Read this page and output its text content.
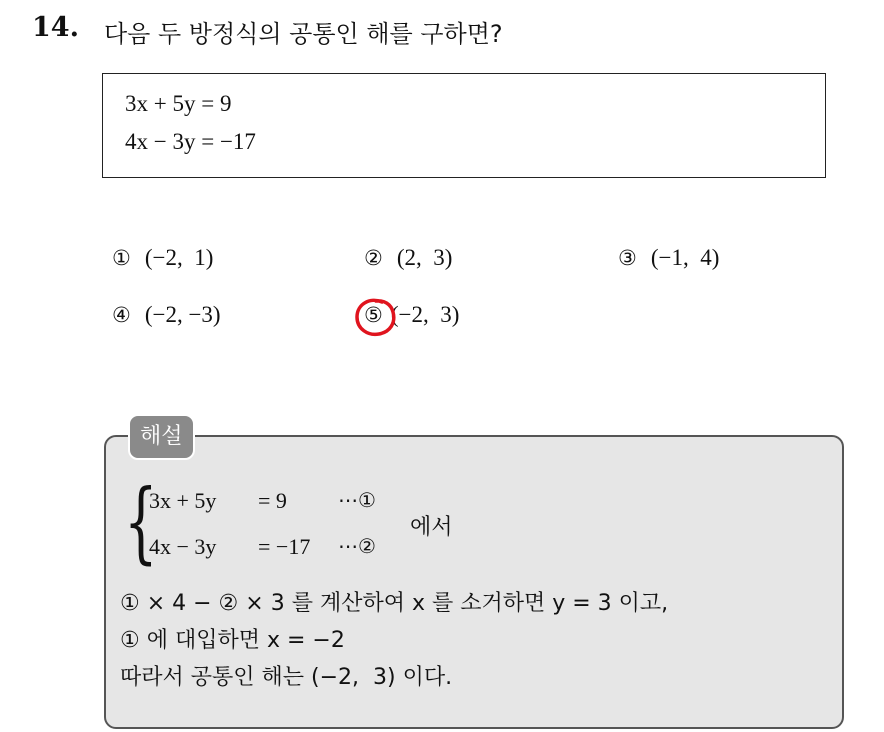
14. 다음 두 방정식의 공통인 해를 구하면?
3x + 5y = 9
4x − 3y = −17
① (−2,  1)	② (2,  3)	③ (−1,  4)
④ (−2, −3)	⑤ (−2,  3)
해설
{
3x + 5y = 9	⋯①
4x − 3y = −17 ⋯②
에서
① × 4 − ② × 3 를 계산하여 x 를 소거하면 y = 3 이고,
① 에 대입하면 x = −2
따라서 공통인 해는 (−2,  3) 이다.
